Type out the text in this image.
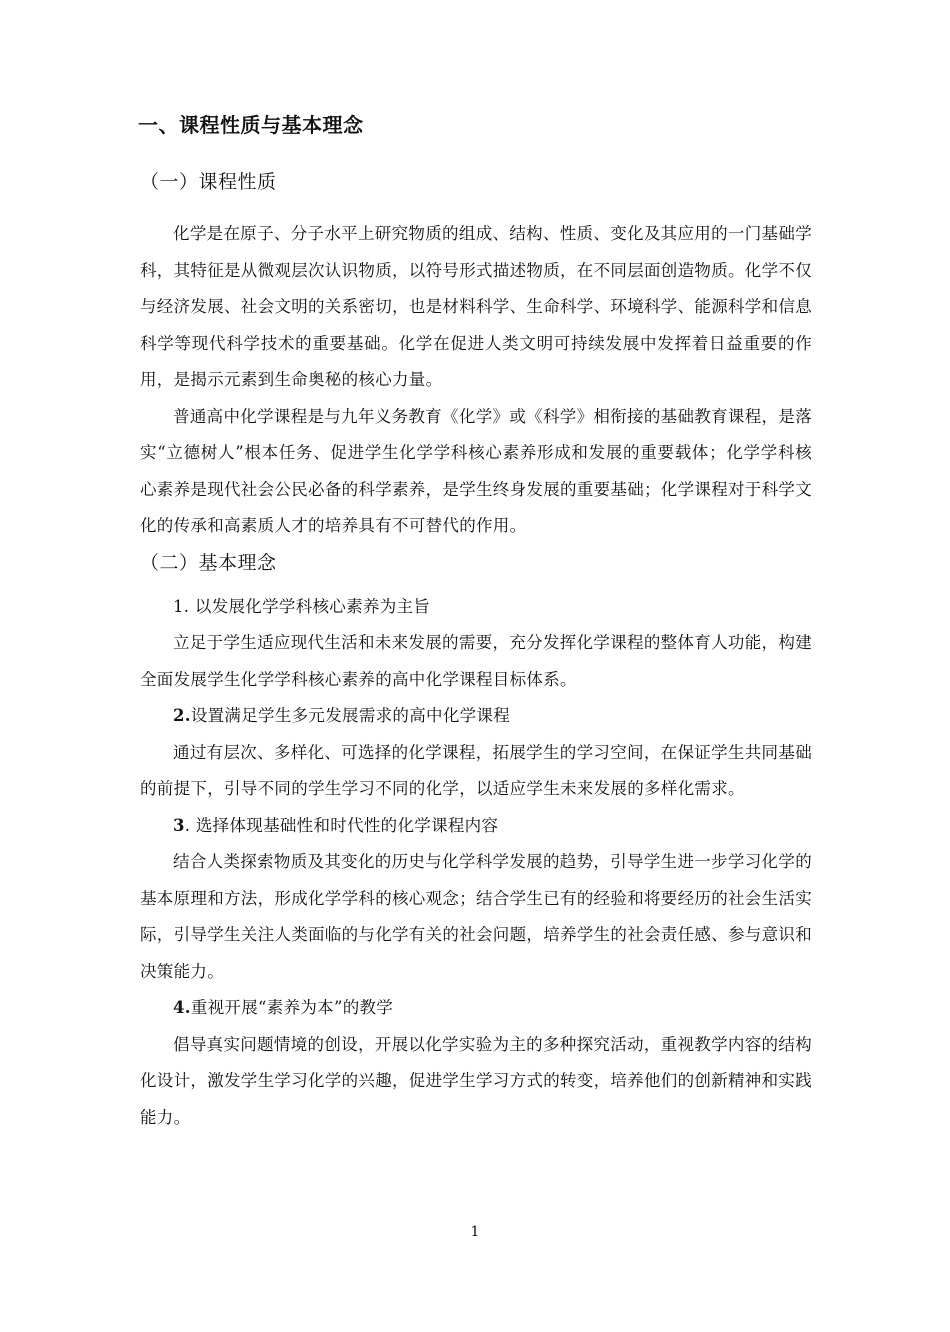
一、课程性质与基本理念
（一）课程性质

化学是在原子、分子水平上研究物质的组成、结构、性质、变化及其应用的一门基础学科，其特征是从微观层次认识物质，以符号形式描述物质，在不同层面创造物质。化学不仅与经济发展、社会文明的关系密切，也是材料科学、生命科学、环境科学、能源科学和信息科学等现代科学技术的重要基础。化学在促进人类文明可持续发展中发挥着日益重要的作用，是揭示元素到生命奥秘的核心力量。

普通高中化学课程是与九年义务教育《化学》或《科学》相衔接的基础教育课程，是落实“立德树人”根本任务、促进学生化学学科核心素养形成和发展的重要载体；化学学科核心素养是现代社会公民必备的科学素养，是学生终身发展的重要基础；化学课程对于科学文化的传承和高素质人才的培养具有不可替代的作用。

（二）基本理念

1. 以发展化学学科核心素养为主旨

立足于学生适应现代生活和未来发展的需要，充分发挥化学课程的整体育人功能，构建全面发展学生化学学科核心素养的高中化学课程目标体系。

2.设置满足学生多元发展需求的高中化学课程

通过有层次、多样化、可选择的化学课程，拓展学生的学习空间，在保证学生共同基础的前提下，引导不同的学生学习不同的化学，以适应学生未来发展的多样化需求。

3. 选择体现基础性和时代性的化学课程内容

结合人类探索物质及其变化的历史与化学科学发展的趋势，引导学生进一步学习化学的基本原理和方法，形成化学学科的核心观念；结合学生已有的经验和将要经历的社会生活实际，引导学生关注人类面临的与化学有关的社会问题，培养学生的社会责任感、参与意识和决策能力。

4.重视开展“素养为本”的教学

倡导真实问题情境的创设，开展以化学实验为主的多种探究活动，重视教学内容的结构化设计，激发学生学习化学的兴趣，促进学生学习方式的转变，培养他们的创新精神和实践能力。

1
